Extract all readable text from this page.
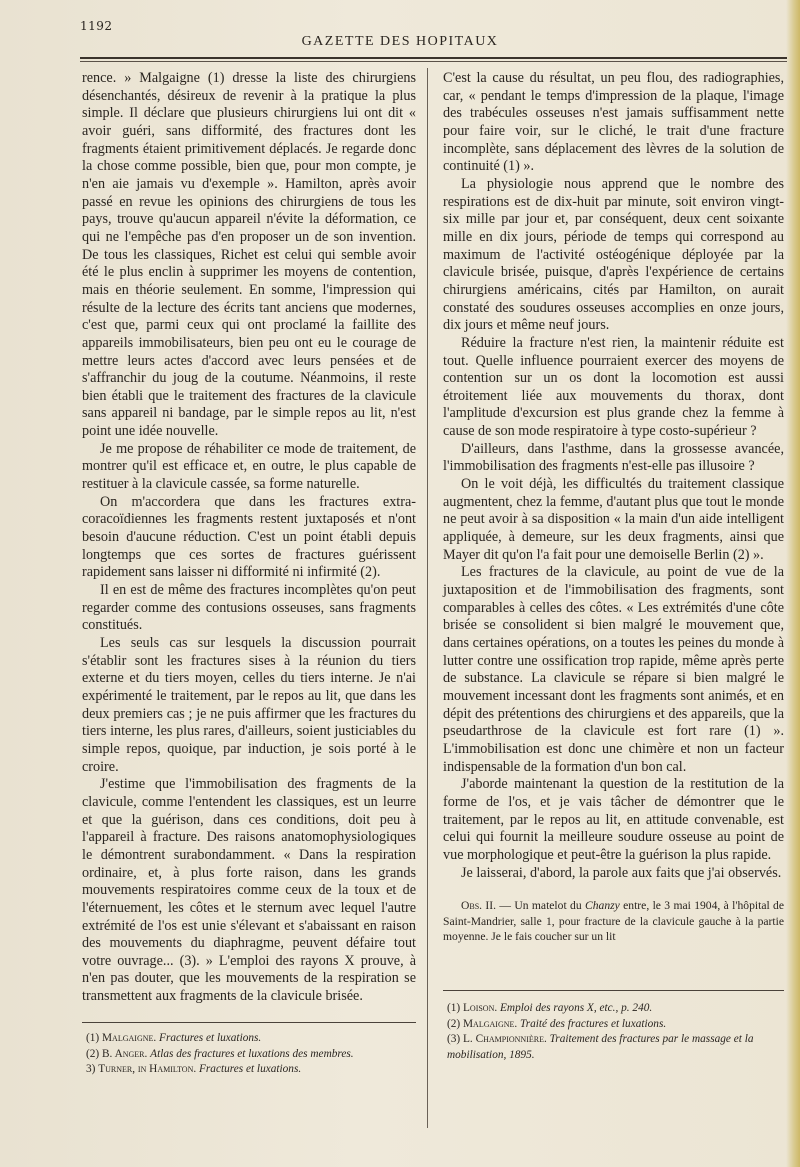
1192
GAZETTE DES HOPITAUX

rence. » Malgaigne (1) dresse la liste des chirurgiens désenchantés, désireux de revenir à la pratique la plus simple. Il déclare que plusieurs chirurgiens lui ont dit « avoir guéri, sans difformité, des fractures dont les fragments étaient primitivement déplacés. Je regarde donc la chose comme possible, bien que, pour mon compte, je n'en aie jamais vu d'exemple ». Hamilton, après avoir passé en revue les opinions des chirurgiens de tous les pays, trouve qu'aucun appareil n'évite la déformation, ce qui ne l'empêche pas d'en proposer un de son invention. De tous les classiques, Richet est celui qui semble avoir été le plus enclin à supprimer les moyens de contention, mais en théorie seulement. En somme, l'impression qui résulte de la lecture des écrits tant anciens que modernes, c'est que, parmi ceux qui ont proclamé la faillite des appareils immobilisateurs, bien peu ont eu le courage de mettre leurs actes d'accord avec leurs pensées et de s'affranchir du joug de la coutume. Néanmoins, il reste bien établi que le traitement des fractures de la clavicule sans appareil ni bandage, par le simple repos au lit, n'est point une idée nouvelle.

Je me propose de réhabiliter ce mode de traitement, de montrer qu'il est efficace et, en outre, le plus capable de restituer à la clavicule cassée, sa forme naturelle.

On m'accordera que dans les fractures extra-coracoïdiennes les fragments restent juxtaposés et n'ont besoin d'aucune réduction. C'est un point établi depuis longtemps que ces sortes de fractures guérissent rapidement sans laisser ni difformité ni infirmité (2).

Il en est de même des fractures incomplètes qu'on peut regarder comme des contusions osseuses, sans fragments constitués.

Les seuls cas sur lesquels la discussion pourrait s'établir sont les fractures sises à la réunion du tiers externe et du tiers moyen, celles du tiers interne. Je n'ai expérimenté le traitement, par le repos au lit, que dans les deux premiers cas ; je ne puis affirmer que les fractures du tiers interne, les plus rares, d'ailleurs, soient justiciables du simple repos, quoique, par induction, je sois porté à le croire.

J'estime que l'immobilisation des fragments de la clavicule, comme l'entendent les classiques, est un leurre et que la guérison, dans ces conditions, doit peu à l'appareil à fracture. Des raisons anatomophysiologiques le démontrent surabondamment. « Dans la respiration ordinaire, et, à plus forte raison, dans les grands mouvements respiratoires comme ceux de la toux et de l'éternuement, les côtes et le sternum avec lequel l'autre extrémité de l'os est unie s'élevant et s'abaissant en raison des mouvements du diaphragme, peuvent défaire tout votre ouvrage... (3). » L'emploi des rayons X prouve, à n'en pas douter, que les mouvements de la respiration se transmettent aux fragments de la clavicule brisée.

(1) Malgaigne. Fractures et luxations.

(2) B. Anger. Atlas des fractures et luxations des membres.

3) Turner, in Hamilton. Fractures et luxations.

C'est la cause du résultat, un peu flou, des radiographies, car, « pendant le temps d'impression de la plaque, l'image des trabécules osseuses n'est jamais suffisamment nette pour faire voir, sur le cliché, le trait d'une fracture incomplète, sans déplacement des lèvres de la solution de continuité (1) ».

La physiologie nous apprend que le nombre des respirations est de dix-huit par minute, soit environ vingt-six mille par jour et, par conséquent, deux cent soixante mille en dix jours, période de temps qui correspond au maximum de l'activité ostéogénique déployée par la clavicule brisée, puisque, d'après l'expérience de certains chirurgiens américains, cités par Hamilton, on aurait constaté des soudures osseuses accomplies en onze jours, dix jours et même neuf jours.

Réduire la fracture n'est rien, la maintenir réduite est tout. Quelle influence pourraient exercer des moyens de contention sur un os dont la locomotion est aussi étroitement liée aux mouvements du thorax, dont l'amplitude d'excursion est plus grande chez la femme à cause de son mode respiratoire à type costo-supérieur ?

D'ailleurs, dans l'asthme, dans la grossesse avancée, l'immobilisation des fragments n'est-elle pas illusoire ?

On le voit déjà, les difficultés du traitement classique augmentent, chez la femme, d'autant plus que tout le monde ne peut avoir à sa disposition « la main d'un aide intelligent appliquée, à demeure, sur les deux fragments, ainsi que Mayer dit qu'on l'a fait pour une demoiselle Berlin (2) ».

Les fractures de la clavicule, au point de vue de la juxtaposition et de l'immobilisation des fragments, sont comparables à celles des côtes. « Les extrémités d'une côte brisée se consolident si bien malgré le mouvement que, dans certaines opérations, on a toutes les peines du monde à lutter contre une ossification trop rapide, même après perte de substance. La clavicule se répare si bien malgré le mouvement incessant dont les fragments sont animés, et en dépit des prétentions des chirurgiens et des appareils, que la pseudarthrose de la clavicule est fort rare (1) ». L'immobilisation est donc une chimère et non un facteur indispensable de la formation d'un bon cal.

J'aborde maintenant la question de la restitution de la forme de l'os, et je vais tâcher de démontrer que le traitement, par le repos au lit, en attitude convenable, est celui qui fournit la meilleure soudure osseuse au point de vue morphologique et peut-être la guérison la plus rapide.

Je laisserai, d'abord, la parole aux faits que j'ai observés.

Obs. II. — Un matelot du Chanzy entre, le 3 mai 1904, à l'hôpital de Saint-Mandrier, salle 1, pour fracture de la clavicule gauche à la partie moyenne. Je le fais coucher sur un lit

(1) Loison. Emploi des rayons X, etc., p. 240.

(2) Malgaigne. Traité des fractures et luxations.

(3) L. Championnière. Traitement des fractures par le massage et la mobilisation, 1895.
